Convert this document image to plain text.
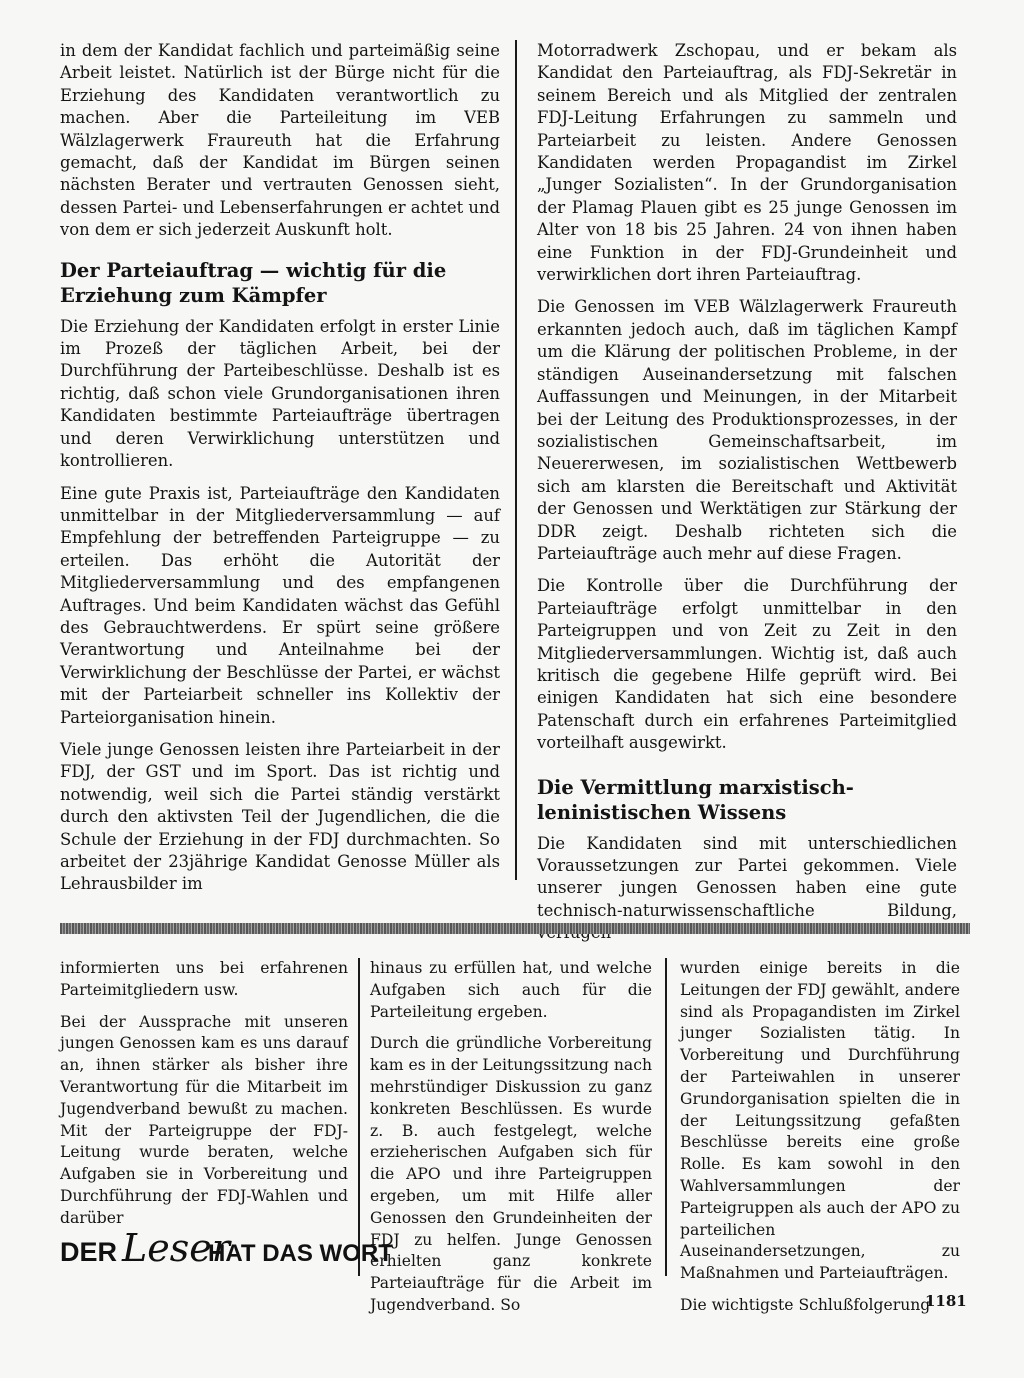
in dem der Kandidat fachlich und parteimäßig seine Arbeit leistet. Natürlich ist der Bürge nicht für die Erziehung des Kandidaten verantwortlich zu machen. Aber die Parteileitung im VEB Wälzlagerwerk Fraureuth hat die Erfahrung gemacht, daß der Kandidat im Bürgen seinen nächsten Berater und vertrauten Genossen sieht, dessen Partei- und Lebenserfahrungen er achtet und von dem er sich jederzeit Auskunft holt.

Der Parteiauftrag — wichtig für die Erziehung zum Kämpfer

Die Erziehung der Kandidaten erfolgt in erster Linie im Prozeß der täglichen Arbeit, bei der Durchführung der Parteibeschlüsse. Deshalb ist es richtig, daß schon viele Grundorganisationen ihren Kandidaten bestimmte Parteiaufträge übertragen und deren Verwirklichung unterstützen und kontrollieren.

Eine gute Praxis ist, Parteiaufträge den Kandidaten unmittelbar in der Mitgliederversammlung — auf Empfehlung der betreffenden Parteigruppe — zu erteilen. Das erhöht die Autorität der Mitgliederversammlung und des empfangenen Auftrages. Und beim Kandidaten wächst das Gefühl des Gebrauchtwerdens. Er spürt seine größere Verantwortung und Anteilnahme bei der Verwirklichung der Beschlüsse der Partei, er wächst mit der Parteiarbeit schneller ins Kollektiv der Parteiorganisation hinein.

Viele junge Genossen leisten ihre Parteiarbeit in der FDJ, der GST und im Sport. Das ist richtig und notwendig, weil sich die Partei ständig verstärkt durch den aktivsten Teil der Jugendlichen, die die Schule der Erziehung in der FDJ durchmachten. So arbeitet der 23jährige Kandidat Genosse Müller als Lehrausbilder im

Motorradwerk Zschopau, und er bekam als Kandidat den Parteiauftrag, als FDJ-Sekretär in seinem Bereich und als Mitglied der zentralen FDJ-Leitung Erfahrungen zu sammeln und Parteiarbeit zu leisten. Andere Genossen Kandidaten werden Propagandist im Zirkel „Junger Sozialisten“. In der Grundorganisation der Plamag Plauen gibt es 25 junge Genossen im Alter von 18 bis 25 Jahren. 24 von ihnen haben eine Funktion in der FDJ-Grundeinheit und verwirklichen dort ihren Parteiauftrag.

Die Genossen im VEB Wälzlagerwerk Fraureuth erkannten jedoch auch, daß im täglichen Kampf um die Klärung der politischen Probleme, in der ständigen Auseinandersetzung mit falschen Auffassungen und Meinungen, in der Mitarbeit bei der Leitung des Produktionsprozesses, in der sozialistischen Gemeinschaftsarbeit, im Neuererwesen, im sozialistischen Wettbewerb sich am klarsten die Bereitschaft und Aktivität der Genossen und Werktätigen zur Stärkung der DDR zeigt. Deshalb richteten sich die Parteiaufträge auch mehr auf diese Fragen.

Die Kontrolle über die Durchführung der Parteiaufträge erfolgt unmittelbar in den Parteigruppen und von Zeit zu Zeit in den Mitgliederversammlungen. Wichtig ist, daß auch kritisch die gegebene Hilfe geprüft wird. Bei einigen Kandidaten hat sich eine besondere Patenschaft durch ein erfahrenes Parteimitglied vorteilhaft ausgewirkt.

Die Vermittlung marxistisch-leninistischen Wissens

Die Kandidaten sind mit unterschiedlichen Voraussetzungen zur Partei gekommen. Viele unserer jungen Genossen haben eine gute technisch-naturwissenschaftliche Bildung,

informierten uns bei erfahrenen Parteimitgliedern usw.

Bei der Aussprache mit unseren jungen Genossen kam es uns darauf an, ihnen stärker als bisher ihre Verantwortung für die Mitarbeit im Jugendverband bewußt zu machen. Mit der Parteigruppe der FDJ-Leitung wurde beraten, welche Aufgaben sie in Vorbereitung und Durchführung der FDJ-Wahlen und darüber

hinaus zu erfüllen hat, und welche Aufgaben sich auch für die Parteileitung ergeben.

Durch die gründliche Vorbereitung kam es in der Leitungssitzung nach mehrstündiger Diskussion zu ganz konkreten Beschlüssen. Es wurde z. B. auch festgelegt, welche erzieherischen Aufgaben sich für die APO und ihre Parteigruppen ergeben, um mit Hilfe aller Genossen den Grundeinheiten der FDJ zu helfen. Junge Genossen erhielten ganz konkrete Parteiaufträge für die Arbeit im Jugendverband. So

wurden einige bereits in die Leitungen der FDJ gewählt, andere sind als Propagandisten im Zirkel junger Sozialisten tätig. In Vorbereitung und Durchführung der Parteiwahlen in unserer Grundorganisation spielten die in der Leitungssitzung gefaßten Beschlüsse bereits eine große Rolle. Es kam sowohl in den Wahlversammlungen der Parteigruppen als auch der APO zu parteilichen Auseinandersetzungen, zu Maßnahmen und Parteiaufträgen.

Die wichtigste Schlußfolgerung

DER Leser
HAT DAS WORT
1181
